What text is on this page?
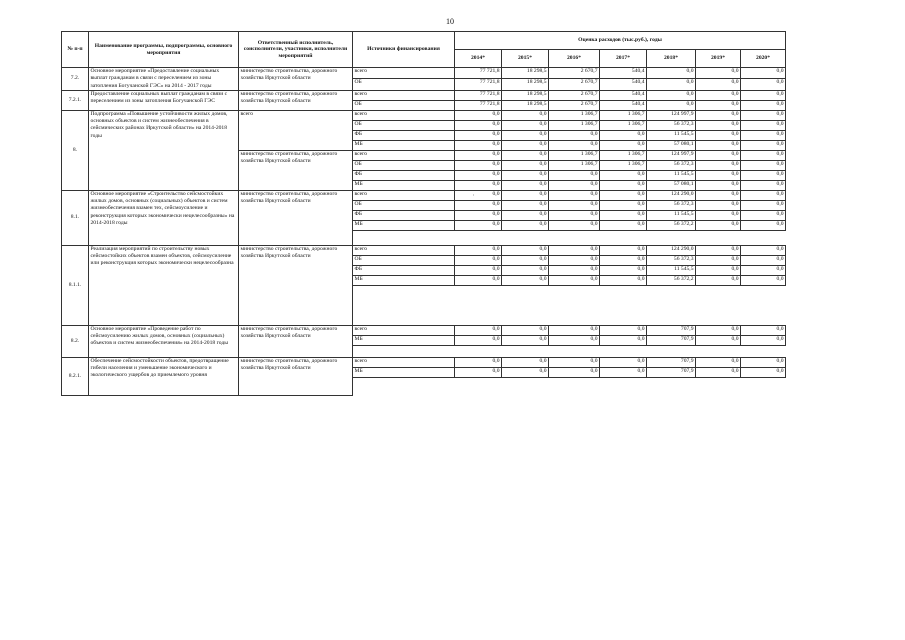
10
'
№ п-п	Наименование программы, подпрограммы, основного мероприятия	Ответственный исполнитель, соисполнители, участники, исполнители мероприятий	Источники финансирования	Оценка расходов (тыс.руб.), годы						
				2014*	2015*	2016*	2017*	2018*	2019*	2020*
7.2.	Основное мероприятие «Предоставление социальных выплат гражданам в связи с переселением из зоны затопления Богучанской ГЭС» на 2014 - 2017 годы	министерство строительства, дорожного хозяйства Иркутской области	всего	77 721,8	18 298,5	2 670,7	540,4	0,0	0,0	0,0
			ОБ	77 721,8	18 298,5	2 670,7	540,4	0,0	0,0	0,0
7.2.1.	Предоставление социальных выплат гражданам в связи с переселением из зоны затопления Богучанской ГЭС	министерство строительства, дорожного хозяйства Иркутской области	всего	77 721,8	18 298,5	2 670,7	540,4	0,0	0,0	0,0
			ОБ	77 721,8	18 298,5	2 670,7	540,4	0,0	0,0	0,0
8.	Подпрограмма «Повышение устойчивости жилых домов, основных объектов и систем жизнеобеспечения в сейсмических районах Иркутской области» на 2014-2018 годы	всего	всего	0,0	0,0	1 306,7	1 306,7	124 997,9	0,0	0,0
			ОБ	0,0	0,0	1 306,7	1 306,7	56 372,3	0,0	0,0
			ФБ	0,0	0,0	0,0	0,0	11 545,5	0,0	0,0
			МБ	0,0	0,0	0,0	0,0	57 080,1	0,0	0,0
		министерство строительства, дорожного хозяйства Иркутской области	всего	0,0	0,0	1 306,7	1 306,7	124 997,9	0,0	0,0
			ОБ	0,0	0,0	1 306,7	1 306,7	56 372,3	0,0	0,0
			ФБ	0,0	0,0	0,0	0,0	11 545,5	0,0	0,0
			МБ	0,0	0,0	0,0	0,0	57 080,1	0,0	0,0
8.1.	Основное мероприятие «Строительство сейсмостойких жилых домов, основных (социальных) объектов и систем жизнеобеспечения взамен тех, сейсмоусиление и реконструкция которых экономически нецелесообразны» на 2014-2018 годы	министерство строительства, дорожного хозяйства Иркутской области	всего	0,0	0,0	0,0	0,0	124 290,0	0,0	0,0
			ОБ	0,0	0,0	0,0	0,0	56 372,3	0,0	0,0
			ФБ	0,0	0,0	0,0	0,0	11 545,5	0,0	0,0
			МБ	0,0	0,0	0,0	0,0	56 372,2	0,0	0,0

8.1.1.	Реализация мероприятий по строительству новых сейсмостойких объектов взамен объектов, сейсмоусиление или реконструкция которых экономически нецелесообразна	министерство строительства, дорожного хозяйства Иркутской области	всего	0,0	0,0	0,0	0,0	124 290,0	0,0	0,0
			ОБ	0,0	0,0	0,0	0,0	56 372,3	0,0	0,0
			ФБ	0,0	0,0	0,0	0,0	11 545,5	0,0	0,0
			МБ	0,0	0,0	0,0	0,0	56 372,2	0,0	0,0

8.2.	Основное мероприятие «Проведение работ по сейсмоусилению жилых домов, основных (социальных) объектов и систем жизнеобеспечения» на 2014-2018 годы	министерство строительства, дорожного хозяйства Иркутской области	всего	0,0	0,0	0,0	0,0	707,9	0,0	0,0
			МБ	0,0	0,0	0,0	0,0	707,9	0,0	0,0

8.2.1.	Обеспечение сейсмостойкости объектов, предотвращение гибели населения и уменьшение экономического и экологического ущербов до приемлемого уровня	министерство строительства, дорожного хозяйства Иркутской области	всего	0,0	0,0	0,0	0,0	707,9	0,0	0,0
			МБ	0,0	0,0	0,0	0,0	707,9	0,0	0,0
